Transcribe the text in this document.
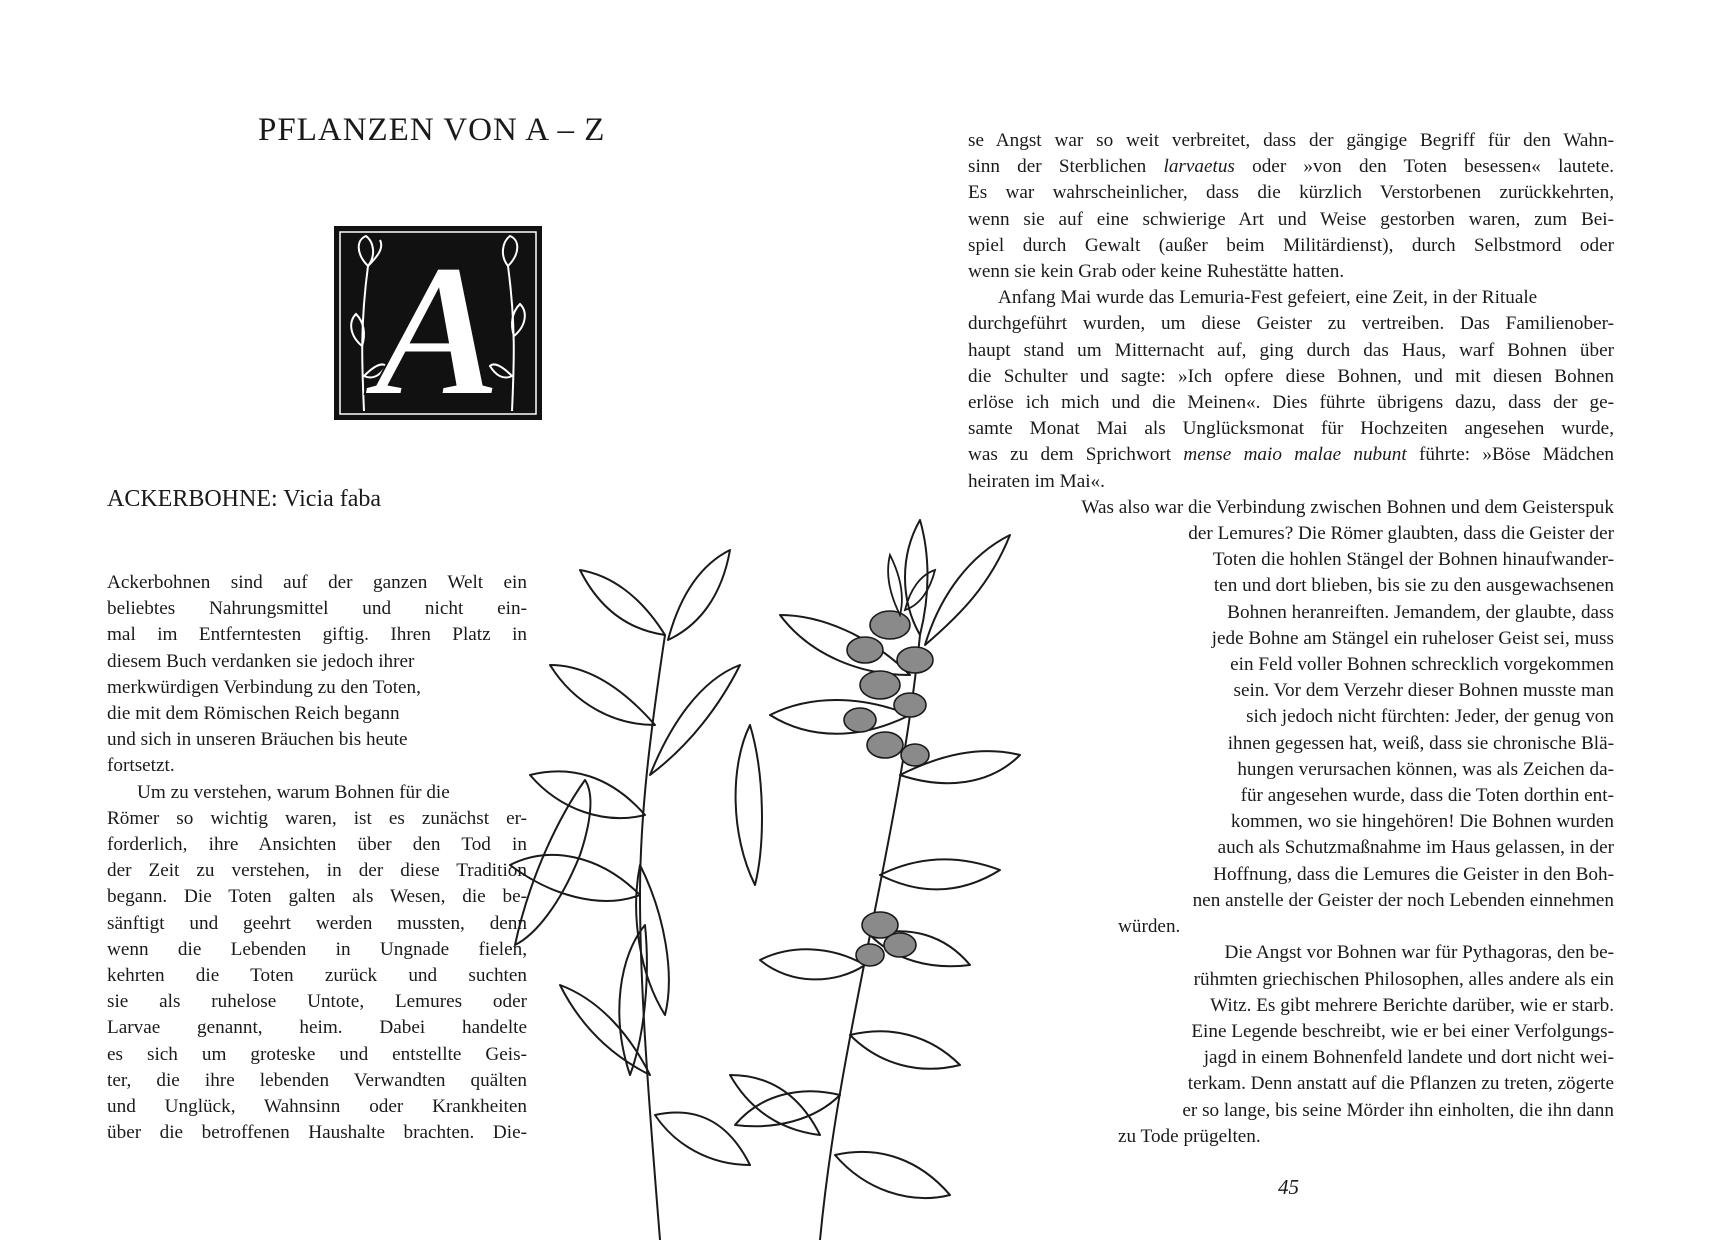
PFLANZEN VON A – Z
A
ACKERBOHNE: Vicia faba

Ackerbohnen sind auf der ganzen Welt ein
beliebtes Nahrungsmittel und nicht ein-
mal im Entferntesten giftig. Ihren Platz in
diesem Buch verdanken sie jedoch ihrer
merkwürdigen Verbindung zu den Toten,
die mit dem Römischen Reich begann
und sich in unseren Bräuchen bis heute
fortsetzt.

Um zu verstehen, warum Bohnen für die
Römer so wichtig waren, ist es zunächst er-
forderlich, ihre Ansichten über den Tod in
der Zeit zu verstehen, in der diese Tradition
begann. Die Toten galten als Wesen, die be-
sänftigt und geehrt werden mussten, denn
wenn die Lebenden in Ungnade fielen,
kehrten die Toten zurück und suchten
sie als ruhelose Untote, Lemures oder
Larvae genannt, heim. Dabei handelte
es sich um groteske und entstellte Geis-
ter, die ihre lebenden Verwandten quälten
und Unglück, Wahnsinn oder Krankheiten
über die betroffenen Haushalte brachten. Die-

se Angst war so weit verbreitet, dass der gängige Begriff für den Wahn-
sinn der Sterblichen larvaetus oder »von den Toten besessen« lautete.
Es war wahrscheinlicher, dass die kürzlich Verstorbenen zurückkehrten,
wenn sie auf eine schwierige Art und Weise gestorben waren, zum Bei-
spiel durch Gewalt (außer beim Militärdienst), durch Selbstmord oder
wenn sie kein Grab oder keine Ruhestätte hatten.

Anfang Mai wurde das Lemuria-Fest gefeiert, eine Zeit, in der Rituale
durchgeführt wurden, um diese Geister zu vertreiben. Das Familienober-
haupt stand um Mitternacht auf, ging durch das Haus, warf Bohnen über
die Schulter und sagte: »Ich opfere diese Bohnen, und mit diesen Bohnen
erlöse ich mich und die Meinen«. Dies führte übrigens dazu, dass der ge-
samte Monat Mai als Unglücksmonat für Hochzeiten angesehen wurde,
was zu dem Sprichwort mense maio malae nubunt führte: »Böse Mädchen
heiraten im Mai«.

Was also war die Verbindung zwischen Bohnen und dem Geisterspuk
der Lemures? Die Römer glaubten, dass die Geister der
Toten die hohlen Stängel der Bohnen hinaufwander-
ten und dort blieben, bis sie zu den ausgewachsenen
Bohnen heranreiften. Jemandem, der glaubte, dass
jede Bohne am Stängel ein ruheloser Geist sei, muss
ein Feld voller Bohnen schrecklich vorgekommen
sein. Vor dem Verzehr dieser Bohnen musste man
sich jedoch nicht fürchten: Jeder, der genug von
ihnen gegessen hat, weiß, dass sie chronische Blä-
hungen verursachen können, was als Zeichen da-
für angesehen wurde, dass die Toten dorthin ent-
kommen, wo sie hingehören! Die Bohnen wurden
auch als Schutzmaßnahme im Haus gelassen, in der
Hoffnung, dass die Lemures die Geister in den Boh-
nen anstelle der Geister der noch Lebenden einnehmen
würden.

Die Angst vor Bohnen war für Pythagoras, den be-
rühmten griechischen Philosophen, alles andere als ein
Witz. Es gibt mehrere Berichte darüber, wie er starb.
Eine Legende beschreibt, wie er bei einer Verfolgungs-
jagd in einem Bohnenfeld landete und dort nicht wei-
terkam. Denn anstatt auf die Pflanzen zu treten, zögerte
er so lange, bis seine Mörder ihn einholten, die ihn dann
zu Tode prügelten.

45
